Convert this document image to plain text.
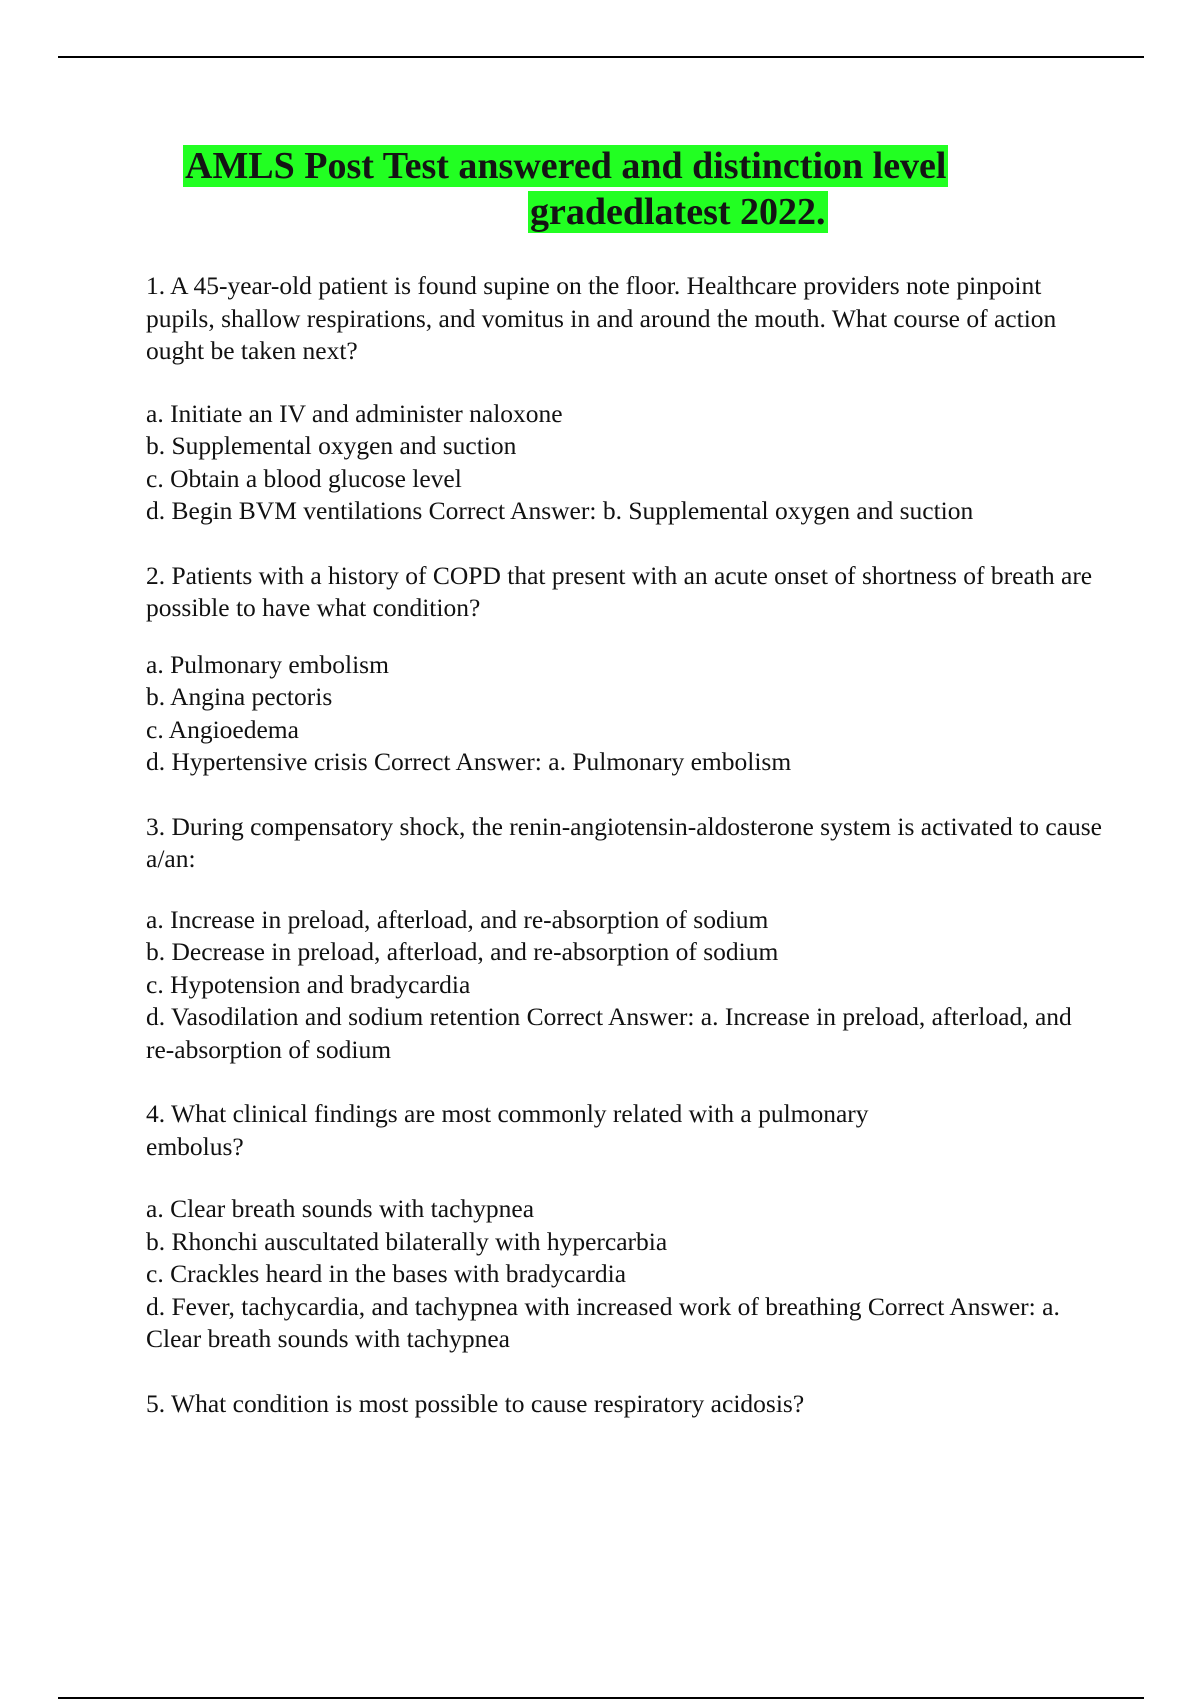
AMLS Post Test answered and distinction level
gradedlatest 2022.

1. A 45-year-old patient is found supine on the floor. Healthcare providers note pinpoint pupils, shallow respirations, and vomitus in and around the mouth. What course of action ought be taken next?

a. Initiate an IV and administer naloxone
b. Supplemental oxygen and suction
c. Obtain a blood glucose level
d. Begin BVM ventilations Correct Answer: b. Supplemental oxygen and suction

2. Patients with a history of COPD that present with an acute onset of shortness of breath are possible to have what condition?

a. Pulmonary embolism
b. Angina pectoris
c. Angioedema
d. Hypertensive crisis Correct Answer: a. Pulmonary embolism

3. During compensatory shock, the renin-angiotensin-aldosterone system is activated to cause a/an:

a. Increase in preload, afterload, and re-absorption of sodium
b. Decrease in preload, afterload, and re-absorption of sodium
c. Hypotension and bradycardia
d. Vasodilation and sodium retention Correct Answer: a. Increase in preload, afterload, and re-absorption of sodium

4. What clinical findings are most commonly related with a pulmonary embolus?

a. Clear breath sounds with tachypnea
b. Rhonchi auscultated bilaterally with hypercarbia
c. Crackles heard in the bases with bradycardia
d. Fever, tachycardia, and tachypnea with increased work of breathing Correct Answer: a. Clear breath sounds with tachypnea

5. What condition is most possible to cause respiratory acidosis?
